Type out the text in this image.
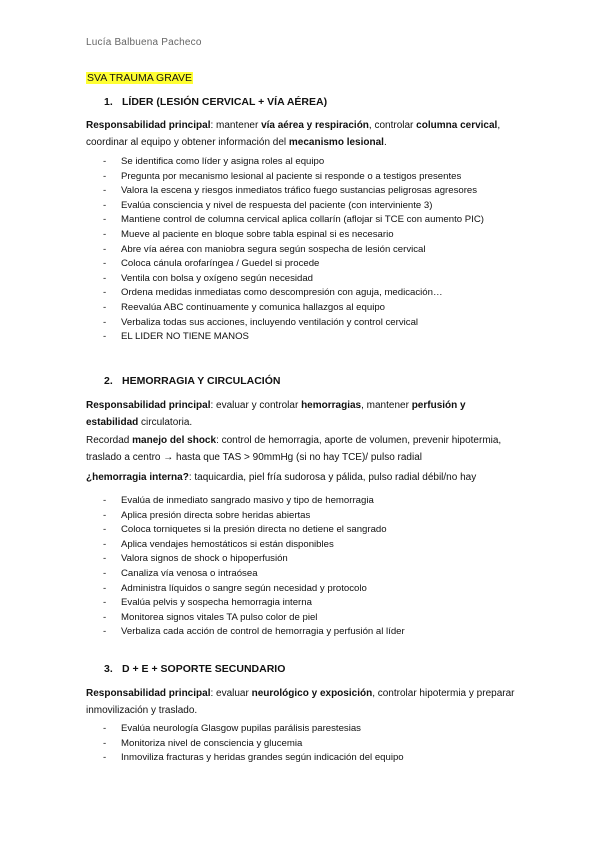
Lucía Balbuena Pacheco
SVA TRAUMA GRAVE
1. LÍDER (LESIÓN CERVICAL + VÍA AÉREA)
Responsabilidad principal: mantener vía aérea y respiración, controlar columna cervical, coordinar al equipo y obtener información del mecanismo lesional.
- Se identifica como líder y asigna roles al equipo
- Pregunta por mecanismo lesional al paciente si responde o a testigos presentes
- Valora la escena y riesgos inmediatos tráfico fuego sustancias peligrosas agresores
- Evalúa consciencia y nivel de respuesta del paciente (con interviniente 3)
- Mantiene control de columna cervical aplica collarín (aflojar si TCE con aumento PIC)
- Mueve al paciente en bloque sobre tabla espinal si es necesario
- Abre vía aérea con maniobra segura según sospecha de lesión cervical
- Coloca cánula orofaríngea / Guedel si procede
- Ventila con bolsa y oxígeno según necesidad
- Ordena medidas inmediatas como descompresión con aguja, medicación…
- Reevalúa ABC continuamente y comunica hallazgos al equipo
- Verbaliza todas sus acciones, incluyendo ventilación y control cervical
- EL LIDER NO TIENE MANOS
2. HEMORRAGIA Y CIRCULACIÓN
Responsabilidad principal: evaluar y controlar hemorragias, mantener perfusión y estabilidad circulatoria.
Recordad manejo del shock: control de hemorragia, aporte de volumen, prevenir hipotermia, traslado a centro → hasta que TAS > 90mmHg (si no hay TCE)/ pulso radial
¿hemorragia interna?: taquicardia, piel fría sudorosa y pálida, pulso radial débil/no hay
- Evalúa de inmediato sangrado masivo y tipo de hemorragia
- Aplica presión directa sobre heridas abiertas
- Coloca torniquetes si la presión directa no detiene el sangrado
- Aplica vendajes hemostáticos si están disponibles
- Valora signos de shock o hipoperfusión
- Canaliza vía venosa o intraósea
- Administra líquidos o sangre según necesidad y protocolo
- Evalúa pelvis y sospecha hemorragia interna
- Monitorea signos vitales TA pulso color de piel
- Verbaliza cada acción de control de hemorragia y perfusión al líder
3. D + E + SOPORTE SECUNDARIO
Responsabilidad principal: evaluar neurológico y exposición, controlar hipotermia y preparar inmovilización y traslado.
- Evalúa neurología Glasgow pupilas parálisis parestesias
- Monitoriza nivel de consciencia y glucemia
- Inmoviliza fracturas y heridas grandes según indicación del equipo
